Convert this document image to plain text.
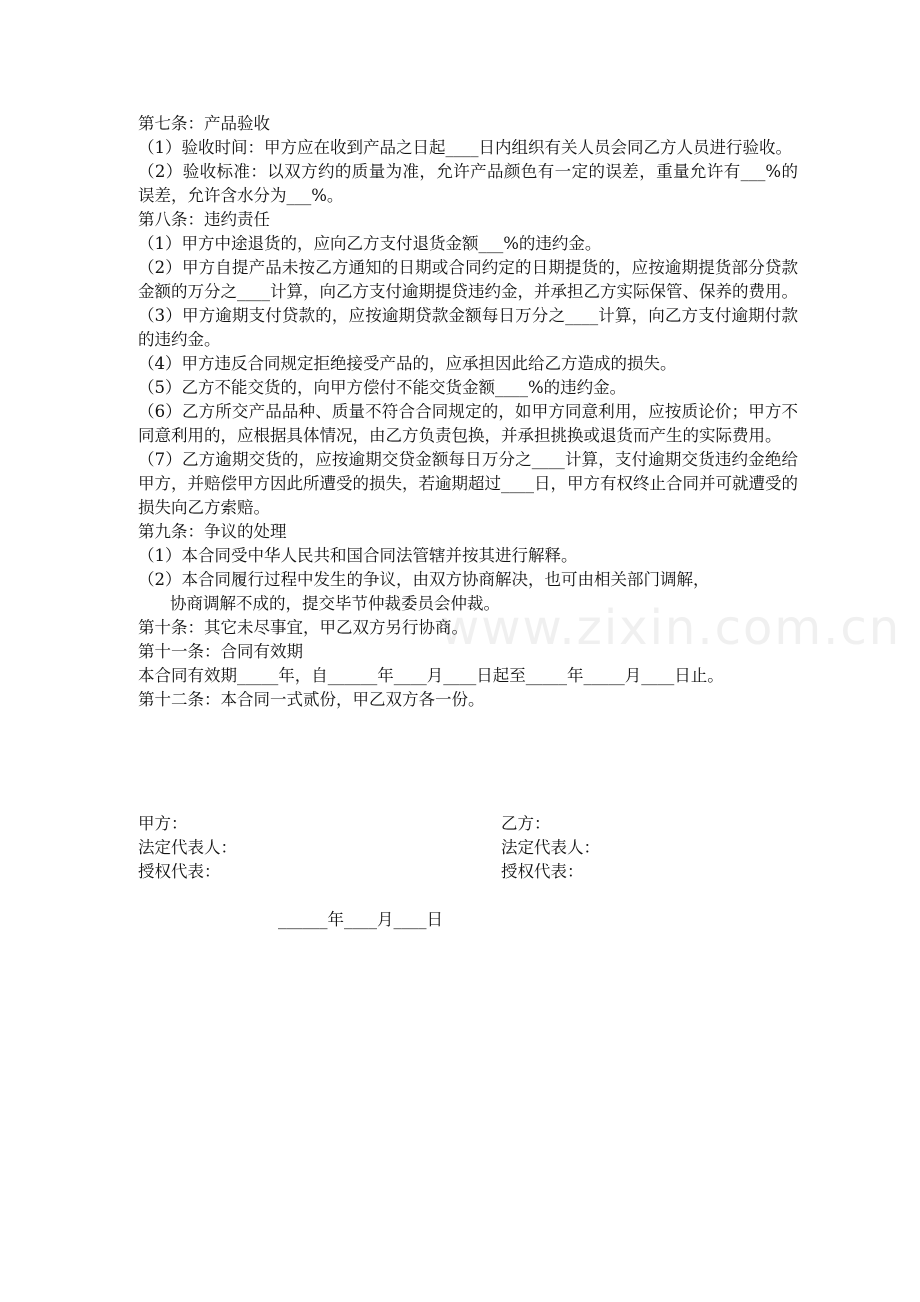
www.zixin.com.cn
第七条：产品验收
（1）验收时间：甲方应在收到产品之日起____日内组织有关人员会同乙方人员进行验收。
（2）验收标准：以双方约的质量为准，允许产品颜色有一定的误差，重量允许有___%的误差，允许含水分为___%。
第八条：违约责任
（1）甲方中途退货的，应向乙方支付退货金额___%的违约金。
（2）甲方自提产品未按乙方通知的日期或合同约定的日期提货的，应按逾期提货部分贷款金额的万分之____计算，向乙方支付逾期提贷违约金，并承担乙方实际保管、保养的费用。
（3）甲方逾期支付贷款的，应按逾期贷款金额每日万分之____计算，向乙方支付逾期付款的违约金。
（4）甲方违反合同规定拒绝接受产品的，应承担因此给乙方造成的损失。
（5）乙方不能交货的，向甲方偿付不能交货金额____%的违约金。
（6）乙方所交产品品种、质量不符合合同规定的，如甲方同意利用，应按质论价；甲方不同意利用的，应根据具体情况，由乙方负责包换，并承担挑换或退货而产生的实际费用。
（7）乙方逾期交货的，应按逾期交贷金额每日万分之____计算，支付逾期交货违约金绝给甲方，并赔偿甲方因此所遭受的损失，若逾期超过____日，甲方有权终止合同并可就遭受的损失向乙方索赔。
第九条：争议的处理
（1）本合同受中华人民共和国合同法管辖并按其进行解释。
（2）本合同履行过程中发生的争议，由双方协商解决，也可由相关部门调解，
协商调解不成的，提交毕节仲裁委员会仲裁。
第十条：其它未尽事宜，甲乙双方另行协商。
第十一条：合同有效期
本合同有效期_____年，自______年____月____日起至_____年_____月____日止。
第十二条：本合同一式贰份，甲乙双方各一份。
甲方：	乙方：
法定代表人：	法定代表人：
授权代表：	授权代表：
______年____月____日
